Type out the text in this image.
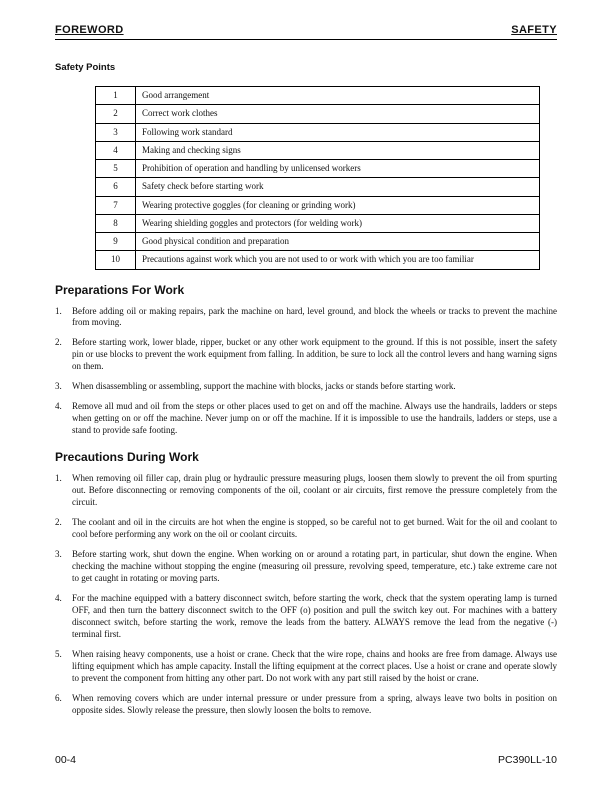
FOREWORD	SAFETY
Safety Points
1	Good arrangement
2	Correct work clothes
3	Following work standard
4	Making and checking signs
5	Prohibition of operation and handling by unlicensed workers
6	Safety check before starting work
7	Wearing protective goggles (for cleaning or grinding work)
8	Wearing shielding goggles and protectors (for welding work)
9	Good physical condition and preparation
10	Precautions against work which you are not used to or work with which you are too familiar
Preparations For Work
1. Before adding oil or making repairs, park the machine on hard, level ground, and block the wheels or tracks to prevent the machine from moving.
2. Before starting work, lower blade, ripper, bucket or any other work equipment to the ground. If this is not possible, insert the safety pin or use blocks to prevent the work equipment from falling. In addition, be sure to lock all the control levers and hang warning signs on them.
3. When disassembling or assembling, support the machine with blocks, jacks or stands before starting work.
4. Remove all mud and oil from the steps or other places used to get on and off the machine. Always use the handrails, ladders or steps when getting on or off the machine. Never jump on or off the machine. If it is impossible to use the handrails, ladders or steps, use a stand to provide safe footing.
Precautions During Work
1. When removing oil filler cap, drain plug or hydraulic pressure measuring plugs, loosen them slowly to prevent the oil from spurting out. Before disconnecting or removing components of the oil, coolant or air circuits, first remove the pressure completely from the circuit.
2. The coolant and oil in the circuits are hot when the engine is stopped, so be careful not to get burned. Wait for the oil and coolant to cool before performing any work on the oil or coolant circuits.
3. Before starting work, shut down the engine. When working on or around a rotating part, in particular, shut down the engine. When checking the machine without stopping the engine (measuring oil pressure, revolving speed, temperature, etc.) take extreme care not to get caught in rotating or moving parts.
4. For the machine equipped with a battery disconnect switch, before starting the work, check that the system operating lamp is turned OFF, and then turn the battery disconnect switch to the OFF (o) position and pull the switch key out. For machines with a battery disconnect switch, before starting the work, remove the leads from the battery. ALWAYS remove the lead from the negative (-) terminal first.
5. When raising heavy components, use a hoist or crane. Check that the wire rope, chains and hooks are free from damage. Always use lifting equipment which has ample capacity. Install the lifting equipment at the correct places. Use a hoist or crane and operate slowly to prevent the component from hitting any other part. Do not work with any part still raised by the hoist or crane.
6. When removing covers which are under internal pressure or under pressure from a spring, always leave two bolts in position on opposite sides. Slowly release the pressure, then slowly loosen the bolts to remove.
00-4	PC390LL-10
